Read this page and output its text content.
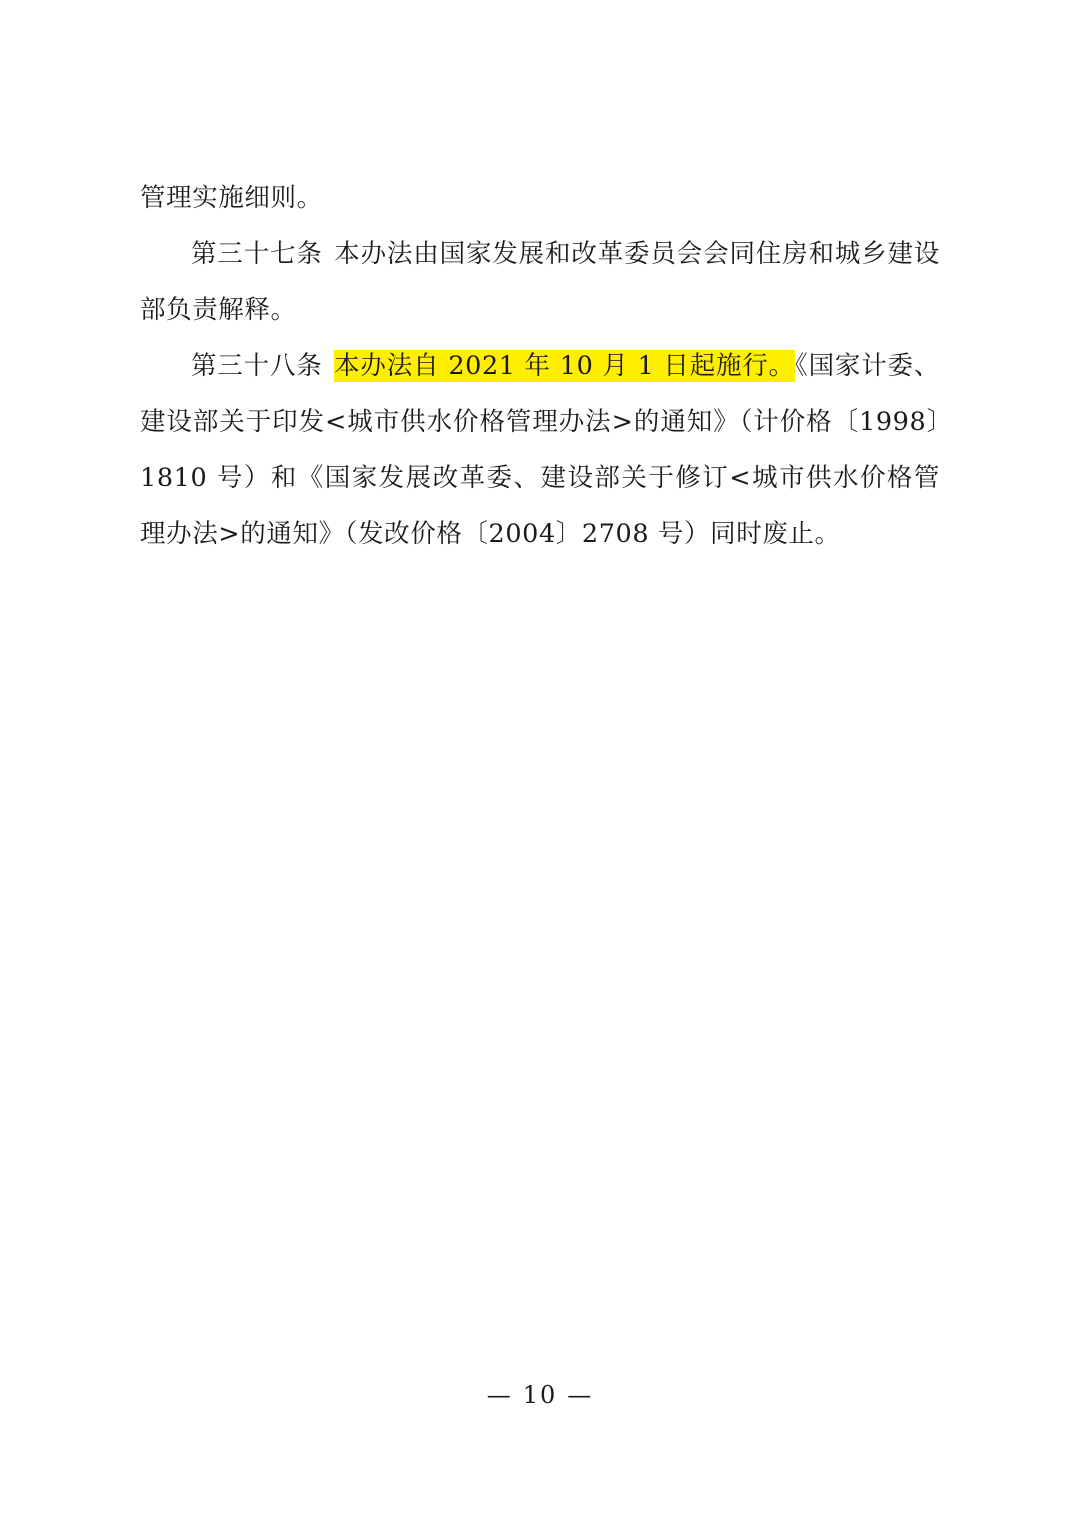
管理实施细则。

第三十七条 本办法由国家发展和改革委员会会同住房和城乡建设部负责解释。

第三十八条 本办法自 2021 年 10 月 1 日起施行。《国家计委、建设部关于印发<城市供水价格管理办法>的通知》（计价格〔1998〕1810 号）和《国家发展改革委、建设部关于修订<城市供水价格管理办法>的通知》（发改价格〔2004〕2708 号）同时废止。

— 10 —
